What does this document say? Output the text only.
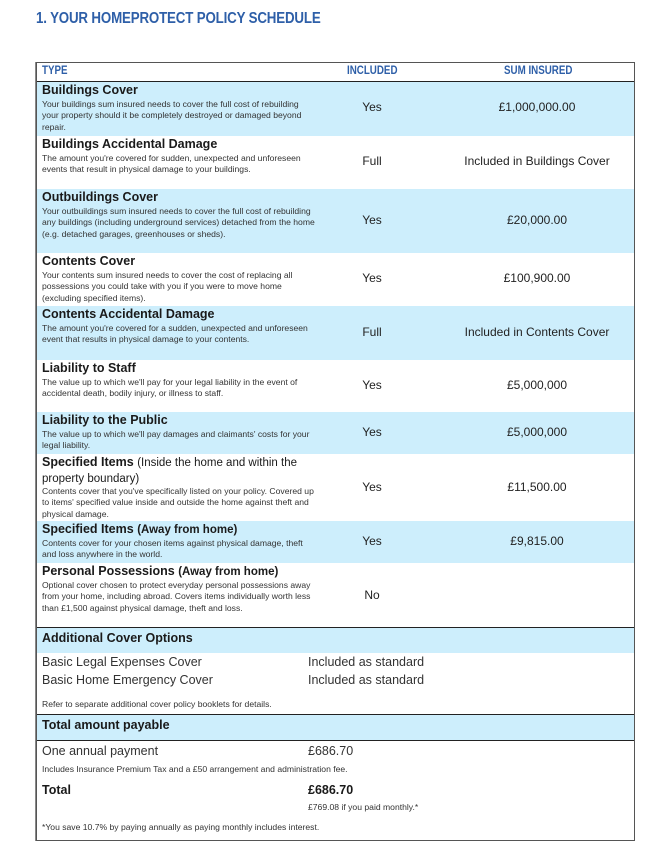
1. YOUR HOMEPROTECT POLICY SCHEDULE
TYPE	INCLUDED	SUM INSURED
Buildings Cover
Your buildings sum insured needs to cover the full cost of rebuilding your property should it be completely destroyed or damaged beyond repair.
Yes	£1,000,000.00
Buildings Accidental Damage
The amount you're covered for sudden, unexpected and unforeseen events that result in physical damage to your buildings.
Full	Included in Buildings Cover
Outbuildings Cover
Your outbuildings sum insured needs to cover the full cost of rebuilding any buildings (including underground services) detached from the home (e.g. detached garages, greenhouses or sheds).
Yes	£20,000.00
Contents Cover
Your contents sum insured needs to cover the cost of replacing all possessions you could take with you if you were to move home (excluding specified items).
Yes	£100,900.00
Contents Accidental Damage
The amount you're covered for a sudden, unexpected and unforeseen event that results in physical damage to your contents.
Full	Included in Contents Cover
Liability to Staff
The value up to which we'll pay for your legal liability in the event of accidental death, bodily injury, or illness to staff.
Yes	£5,000,000
Liability to the Public
The value up to which we'll pay damages and claimants' costs for your legal liability.
Yes	£5,000,000
Specified Items (Inside the home and within the property boundary)
Contents cover that you've specifically listed on your policy. Covered up to items' specified value inside and outside the home against theft and physical damage.
Yes	£11,500.00
Specified Items (Away from home)
Contents cover for your chosen items against physical damage, theft and loss anywhere in the world.
Yes	£9,815.00
Personal Possessions (Away from home)
Optional cover chosen to protect everyday personal possessions away from your home, including abroad. Covers items individually worth less than £1,500 against physical damage, theft and loss.
No
Additional Cover Options
Basic Legal Expenses Cover	Included as standard
Basic Home Emergency Cover	Included as standard
Refer to separate additional cover policy booklets for details.
Total amount payable
One annual payment	£686.70
Includes Insurance Premium Tax and a £50 arrangement and administration fee.
Total	£686.70
£769.08 if you paid monthly.*
*You save 10.7% by paying annually as paying monthly includes interest.
